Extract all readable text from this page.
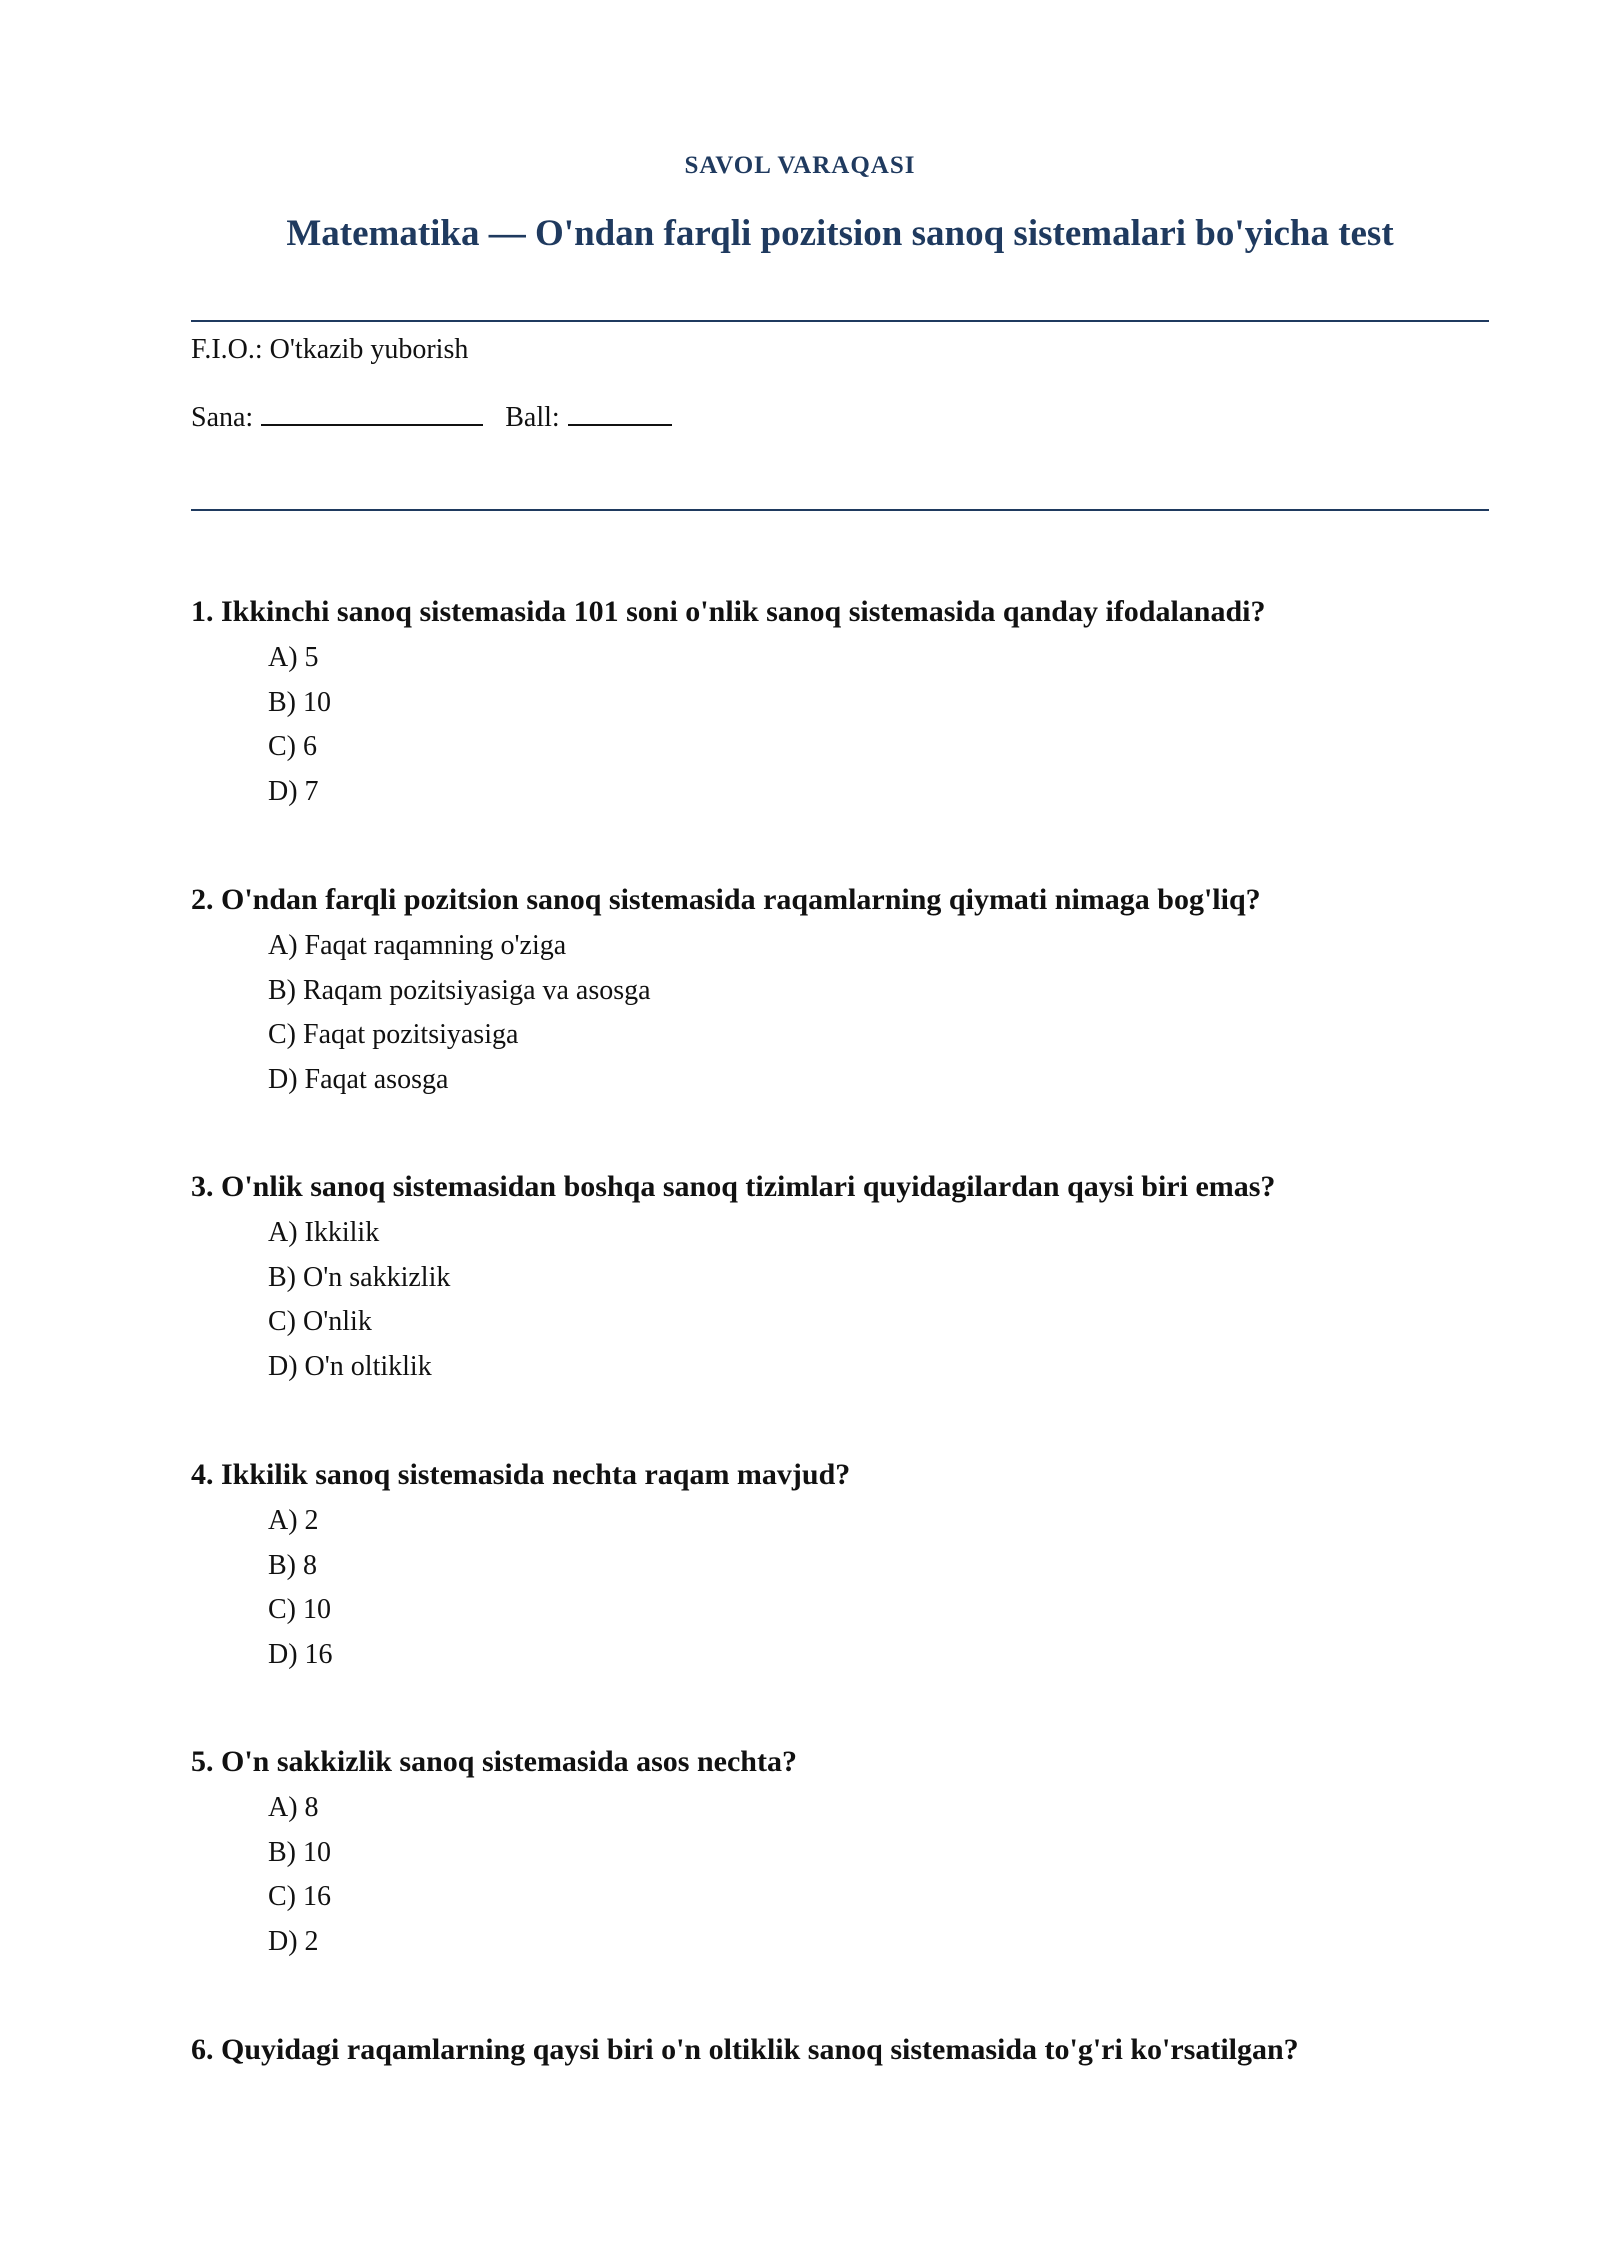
SAVOL VARAQASI
Matematika — O'ndan farqli pozitsion sanoq sistemalari bo'yicha test
F.I.O.: O'tkazib yuborish
Sana:	Ball:
1. Ikkinchi sanoq sistemasida 101 soni o'nlik sanoq sistemasida qanday ifodalanadi?
A) 5
B) 10
C) 6
D) 7
2. O'ndan farqli pozitsion sanoq sistemasida raqamlarning qiymati nimaga bog'liq?
A) Faqat raqamning o'ziga
B) Raqam pozitsiyasiga va asosga
C) Faqat pozitsiyasiga
D) Faqat asosga
3. O'nlik sanoq sistemasidan boshqa sanoq tizimlari quyidagilardan qaysi biri emas?
A) Ikkilik
B) O'n sakkizlik
C) O'nlik
D) O'n oltiklik
4. Ikkilik sanoq sistemasida nechta raqam mavjud?
A) 2
B) 8
C) 10
D) 16
5. O'n sakkizlik sanoq sistemasida asos nechta?
A) 8
B) 10
C) 16
D) 2
6. Quyidagi raqamlarning qaysi biri o'n oltiklik sanoq sistemasida to'g'ri ko'rsatilgan?
